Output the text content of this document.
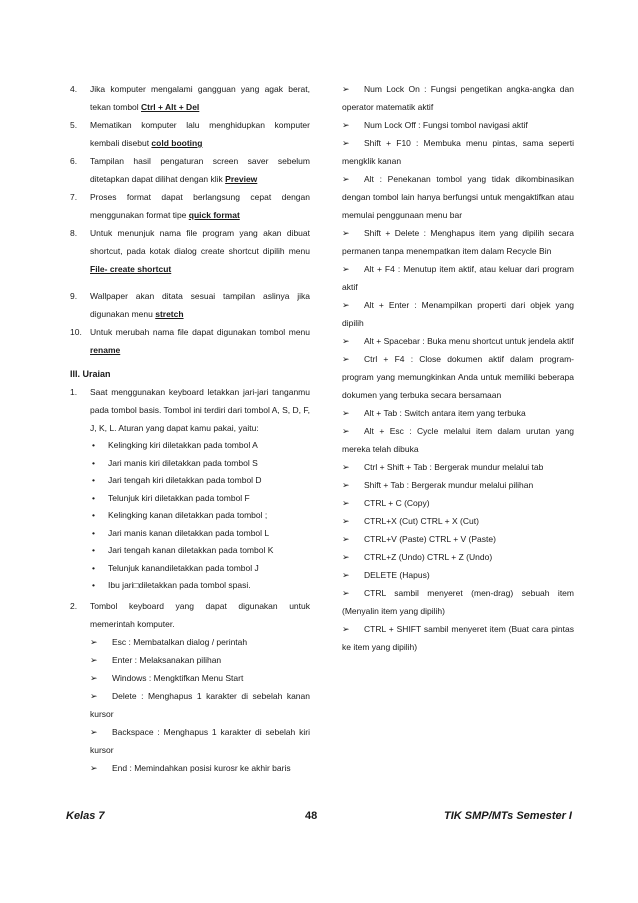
4. Jika komputer mengalami gangguan yang agak berat, tekan tombol Ctrl + Alt + Del
5. Mematikan komputer lalu menghidupkan komputer kembali disebut cold booting
6. Tampilan hasil pengaturan screen saver sebelum ditetapkan dapat dilihat dengan klik Preview
7. Proses format dapat berlangsung cepat dengan menggunakan format tipe quick format
8. Untuk menunjuk nama file program yang akan dibuat shortcut, pada kotak dialog create shortcut dipilih menu File- create shortcut
9. Wallpaper akan ditata sesuai tampilan aslinya jika digunakan menu stretch
10. Untuk merubah nama file dapat digunakan tombol menu rename
III. Uraian
1. Saat menggunakan keyboard letakkan jari-jari tanganmu pada tombol basis. Tombol ini terdiri dari tombol A, S, D, F, J, K, L. Aturan yang dapat kamu pakai, yaitu:
• Kelingking kiri diletakkan pada tombol A
• Jari manis kiri diletakkan pada tombol S
• Jari tengah kiri diletakkan pada tombol D
• Telunjuk kiri diletakkan pada tombol F
• Kelingking kanan diletakkan pada tombol ;
• Jari manis kanan diletakkan pada tombol L
• Jari tengah kanan diletakkan pada tombol K
• Telunjuk kanandiletakkan pada tombol J
• Ibu jari□diletakkan pada tombol spasi.
2. Tombol keyboard yang dapat digunakan untuk memerintah komputer.
➢	Esc : Membatalkan dialog / perintah
➢	Enter : Melaksanakan pilihan
➢	Windows : Mengktifkan Menu Start
➢	Delete : Menghapus 1 karakter di sebelah kanan kursor
➢	Backspace : Menghapus 1 karakter di sebelah kiri kursor
➢	End : Memindahkan posisi kurosr ke akhir baris
➢	Num Lock On : Fungsi pengetikan angka-angka dan operator matematik aktif
➢	Num Lock Off : Fungsi tombol navigasi aktif
➢	Shift + F10 : Membuka menu pintas, sama seperti mengklik kanan
➢	Alt : Penekanan tombol yang tidak dikombinasikan dengan tombol lain hanya berfungsi untuk mengaktifkan atau memulai penggunaan menu bar
➢	Shift + Delete : Menghapus item yang dipilih secara permanen tanpa menempatkan item dalam Recycle Bin
➢	Alt + F4 : Menutup item aktif, atau keluar dari program aktif
➢	Alt + Enter : Menampilkan properti dari objek yang dipilih
➢	Alt + Spacebar : Buka menu shortcut untuk jendela aktif
➢	Ctrl + F4 : Close dokumen aktif dalam program-program yang memungkinkan Anda untuk memiliki beberapa dokumen yang terbuka secara bersamaan
➢	Alt + Tab : Switch antara item yang terbuka
➢	Alt + Esc : Cycle melalui item dalam urutan yang mereka telah dibuka
➢	Ctrl + Shift + Tab : Bergerak mundur melalui tab
➢	Shift + Tab : Bergerak mundur melalui pilihan
➢	CTRL + C (Copy)
➢	CTRL+X (Cut) CTRL + X (Cut)
➢	CTRL+V (Paste) CTRL + V (Paste)
➢	CTRL+Z (Undo) CTRL + Z (Undo)
➢	DELETE (Hapus)
➢	CTRL sambil menyeret (men-drag) sebuah item (Menyalin item yang dipilih)
➢	CTRL + SHIFT sambil menyeret item (Buat cara pintas ke item yang dipilih)
Kelas 7	48	TIK SMP/MTs Semester I
